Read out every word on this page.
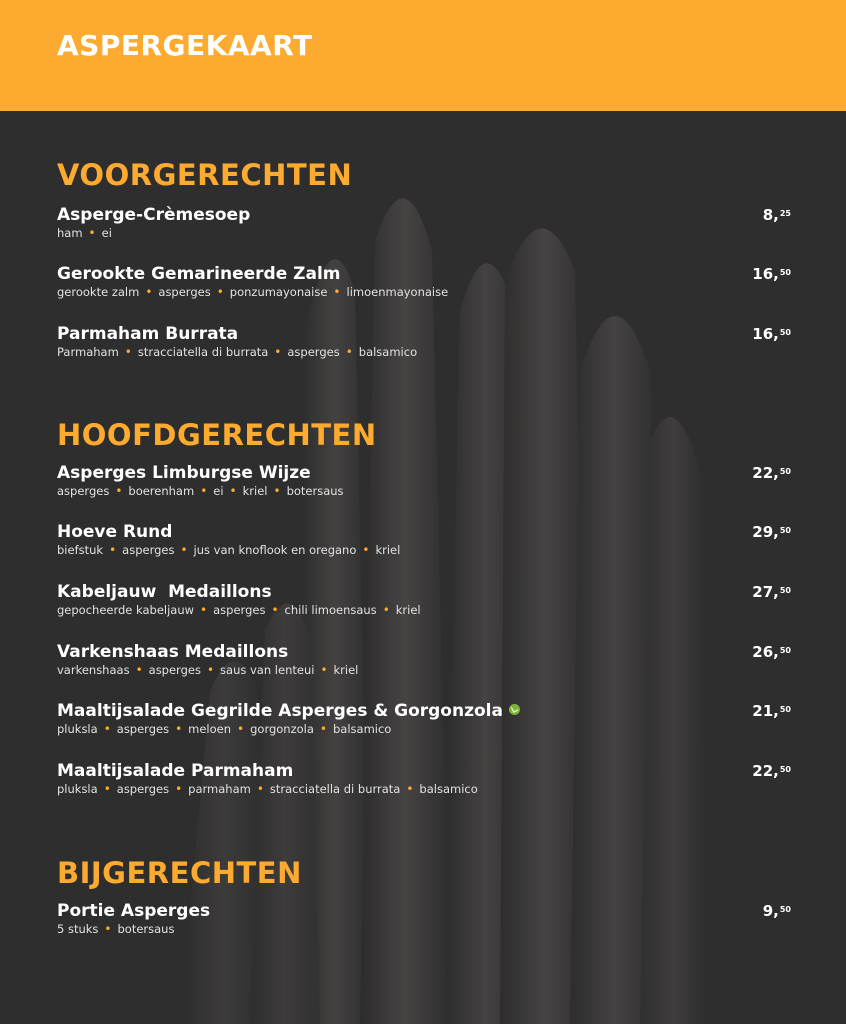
ASPERGEKAART
VOORGERECHTEN
Asperge-Crèmesoep	8,25
ham • ei
Gerookte Gemarineerde Zalm	16,50
gerookte zalm • asperges • ponzumayonaise • limoenmayonaise
Parmaham Burrata	16,50
Parmaham • stracciatella di burrata • asperges • balsamico
HOOFDGERECHTEN
Asperges Limburgse Wijze	22,50
asperges • boerenham • ei • kriel • botersaus
Hoeve Rund	29,50
biefstuk • asperges • jus van knoflook en oregano • kriel
Kabeljauw  Medaillons	27,50
gepocheerde kabeljauw • asperges • chili limoensaus • kriel
Varkenshaas Medaillons	26,50
varkenshaas • asperges • saus van lenteui • kriel
Maaltijsalade Gegrilde Asperges & Gorgonzola	21,50
pluksla • asperges • meloen • gorgonzola • balsamico
Maaltijsalade Parmaham	22,50
pluksla • asperges • parmaham • stracciatella di burrata • balsamico
BIJGERECHTEN
Portie Asperges	9,50
5 stuks • botersaus
